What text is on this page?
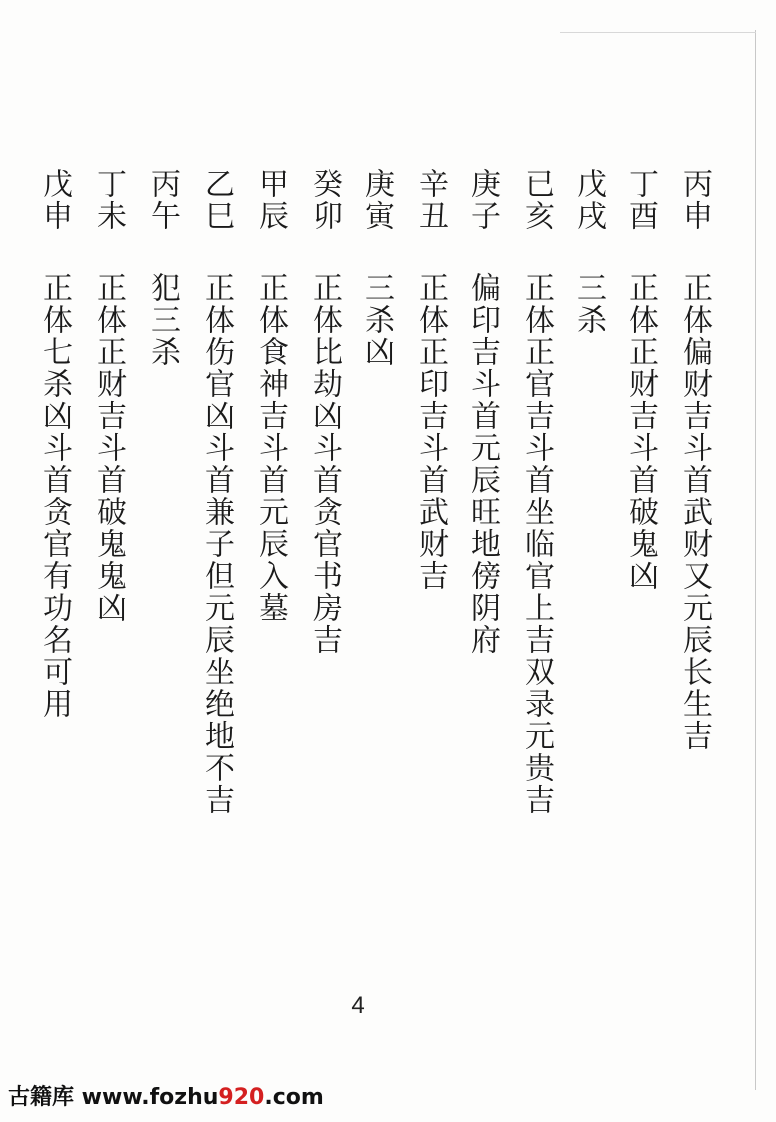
丙申
正体偏财吉斗首武财又元辰长生吉
丁酉
正体正财吉斗首破鬼凶
戊戌
三杀
已亥
正体正官吉斗首坐临官上吉双录元贵吉
庚子
偏印吉斗首元辰旺地傍阴府
辛丑
正体正印吉斗首武财吉
庚寅
三杀凶
癸卯
正体比劫凶斗首贪官书房吉
甲辰
正体食神吉斗首元辰入墓
乙巳
正体伤官凶斗首兼子但元辰坐绝地不吉
丙午
犯三杀
丁未
正体正财吉斗首破鬼鬼凶
戊申
正体七杀凶斗首贪官有功名可用
4
古籍库 www.fozhu920.com
